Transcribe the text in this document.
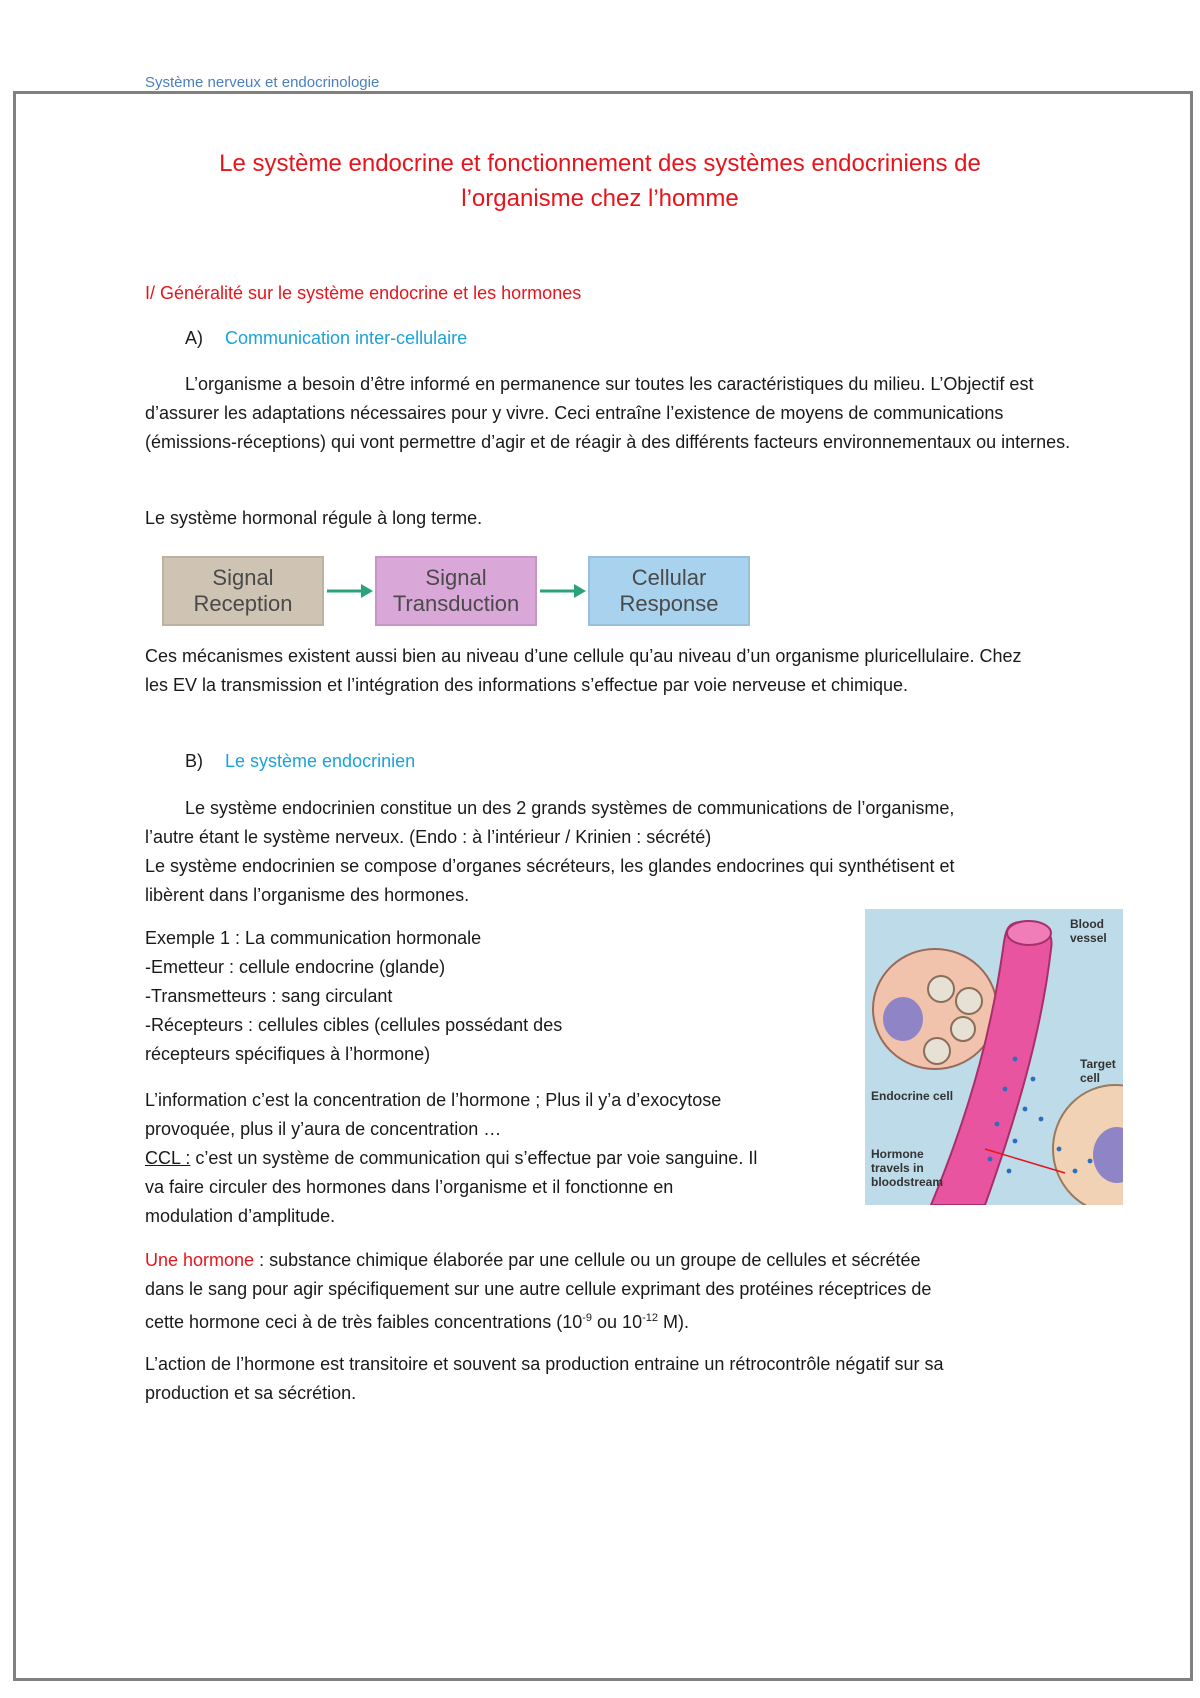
Système nerveux et endocrinologie
Le système endocrine et fonctionnement des systèmes endocriniens de
l’organisme chez l’homme
I/ Généralité sur le système endocrine et les hormones
A) Communication inter-cellulaire
L’organisme a besoin d’être informé en permanence sur toutes les caractéristiques du milieu. L’Objectif est d’assurer les adaptations nécessaires pour y vivre. Ceci entraîne l’existence de moyens de communications (émissions-réceptions) qui vont permettre d’agir et de réagir à des différents facteurs environnementaux ou internes.
Le système hormonal régule à long terme.
Signal
Reception
Signal
Transduction
Cellular
Response
Ces mécanismes existent aussi bien au niveau d’une cellule qu’au niveau d’un organisme pluricellulaire. Chez les EV la transmission et l’intégration des informations s’effectue par voie nerveuse et chimique.
B) Le système endocrinien
Le système endocrinien constitue un des 2 grands systèmes de communications de l’organisme,
l’autre étant le système nerveux. (Endo : à l’intérieur / Krinien : sécrété)
Le système endocrinien se compose d’organes sécréteurs, les glandes endocrines qui synthétisent et
libèrent dans l’organisme des hormones.
Exemple 1 : La communication hormonale
-Emetteur : cellule endocrine (glande)
-Transmetteurs : sang circulant
-Récepteurs : cellules cibles (cellules possédant des
récepteurs spécifiques à l’hormone)
L’information c’est la concentration de l’hormone ; Plus il y’a d’exocytose
provoquée, plus il y’aura de concentration …
CCL : c’est un système de communication qui s’effectue par voie sanguine. Il
va faire circuler des hormones dans l’organisme et il fonctionne en
modulation d’amplitude.
Blood
vessel
Target
cell
Endocrine cell
Hormone
travels in
bloodstream
Une hormone : substance chimique élaborée par une cellule ou un groupe de cellules et sécrétée
dans le sang pour agir spécifiquement sur une autre cellule exprimant des protéines réceptrices de
cette hormone ceci à de très faibles concentrations ($10^{-9}$ ou $10^{-12}$ M).
L’action de l’hormone est transitoire et souvent sa production entraine un rétrocontrôle négatif sur sa
production et sa sécrétion.
